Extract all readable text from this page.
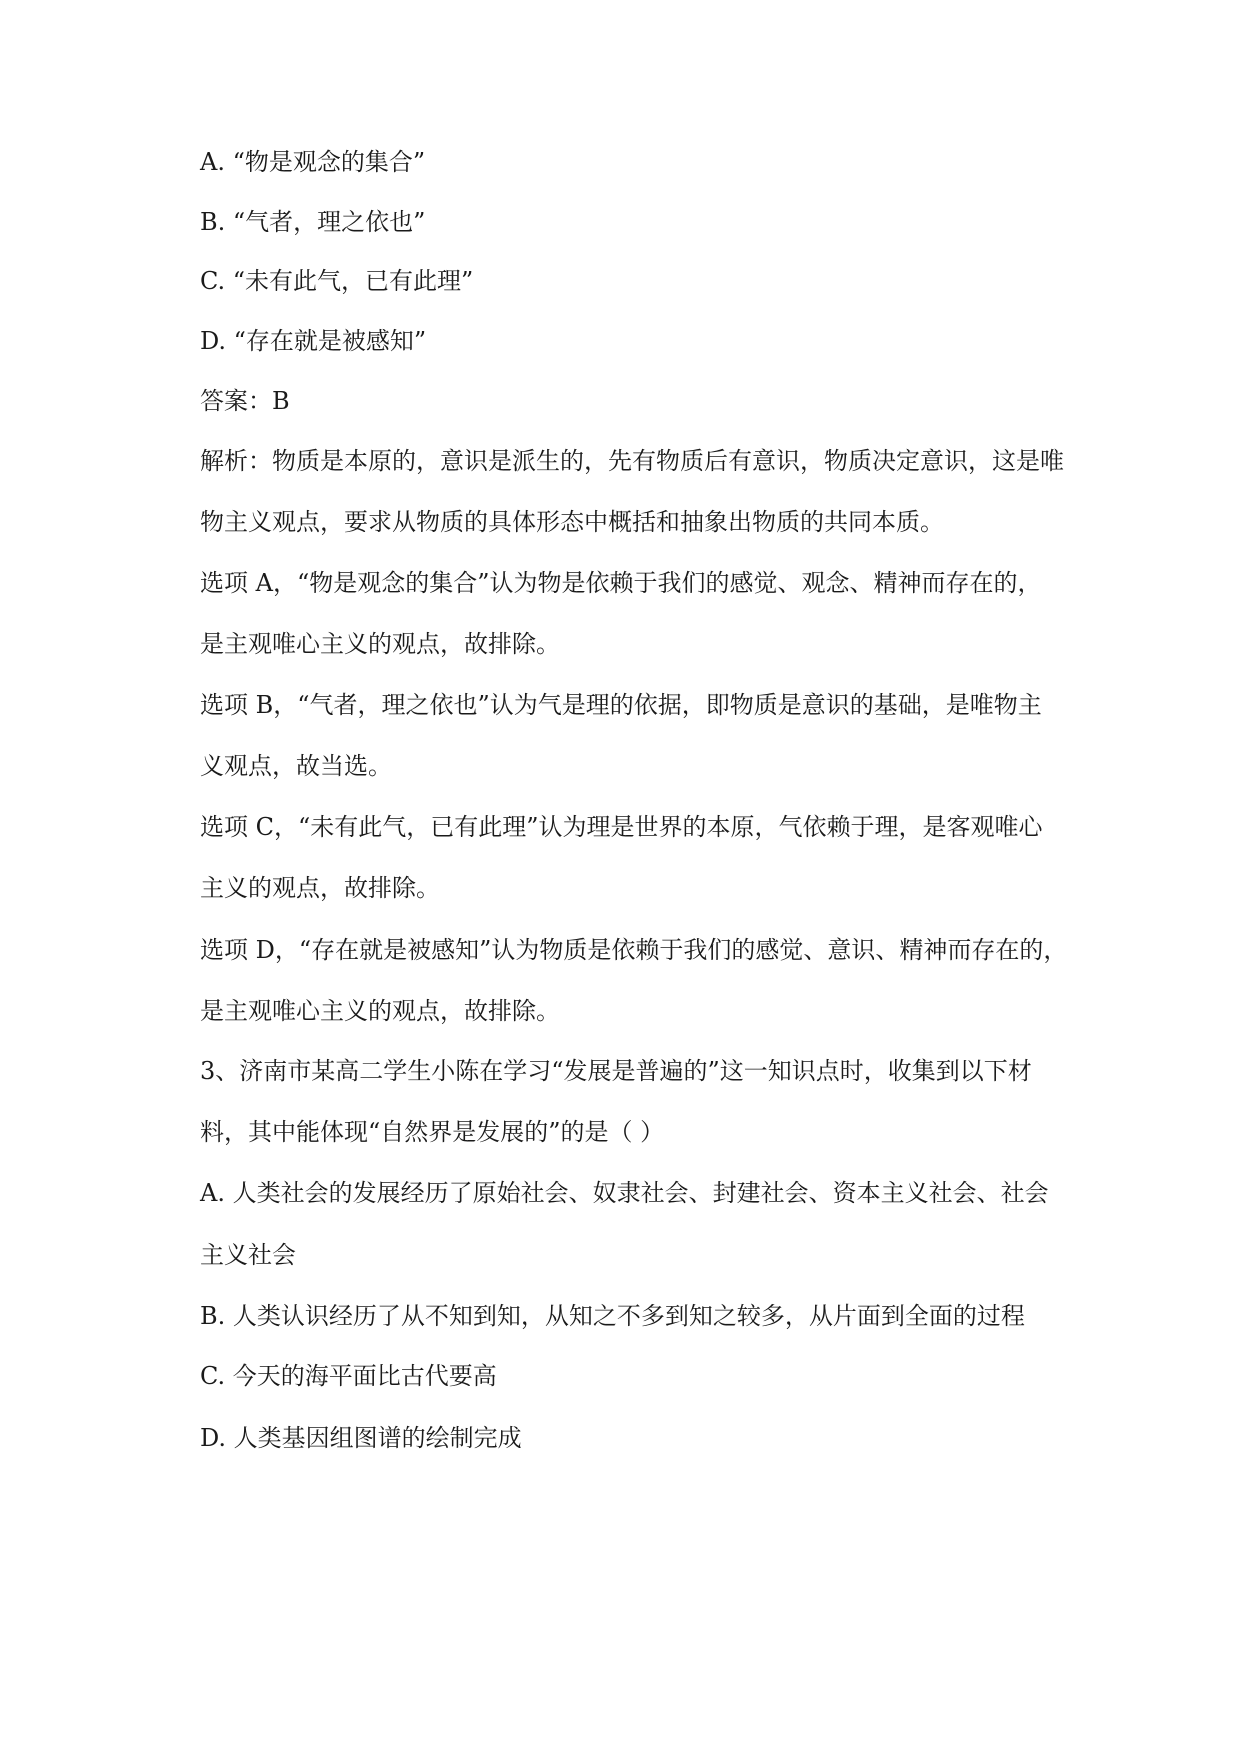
A. “物是观念的集合”

B. “气者，理之依也”

C. “未有此气，已有此理”

D. “存在就是被感知”

答案：B

解析：物质是本原的，意识是派生的，先有物质后有意识，物质决定意识，这是唯

物主义观点，要求从物质的具体形态中概括和抽象出物质的共同本质。

选项 A，“物是观念的集合”认为物是依赖于我们的感觉、观念、精神而存在的，

是主观唯心主义的观点，故排除。

选项 B，“气者，理之依也”认为气是理的依据，即物质是意识的基础，是唯物主

义观点，故当选。

选项 C，“未有此气，已有此理”认为理是世界的本原，气依赖于理，是客观唯心

主义的观点，故排除。

选项 D，“存在就是被感知”认为物质是依赖于我们的感觉、意识、精神而存在的，

是主观唯心主义的观点，故排除。

3、济南市某高二学生小陈在学习“发展是普遍的”这一知识点时，收集到以下材

料，其中能体现“自然界是发展的”的是（ ）

A. 人类社会的发展经历了原始社会、奴隶社会、封建社会、资本主义社会、社会

主义社会

B. 人类认识经历了从不知到知，从知之不多到知之较多，从片面到全面的过程

C. 今天的海平面比古代要高

D. 人类基因组图谱的绘制完成
